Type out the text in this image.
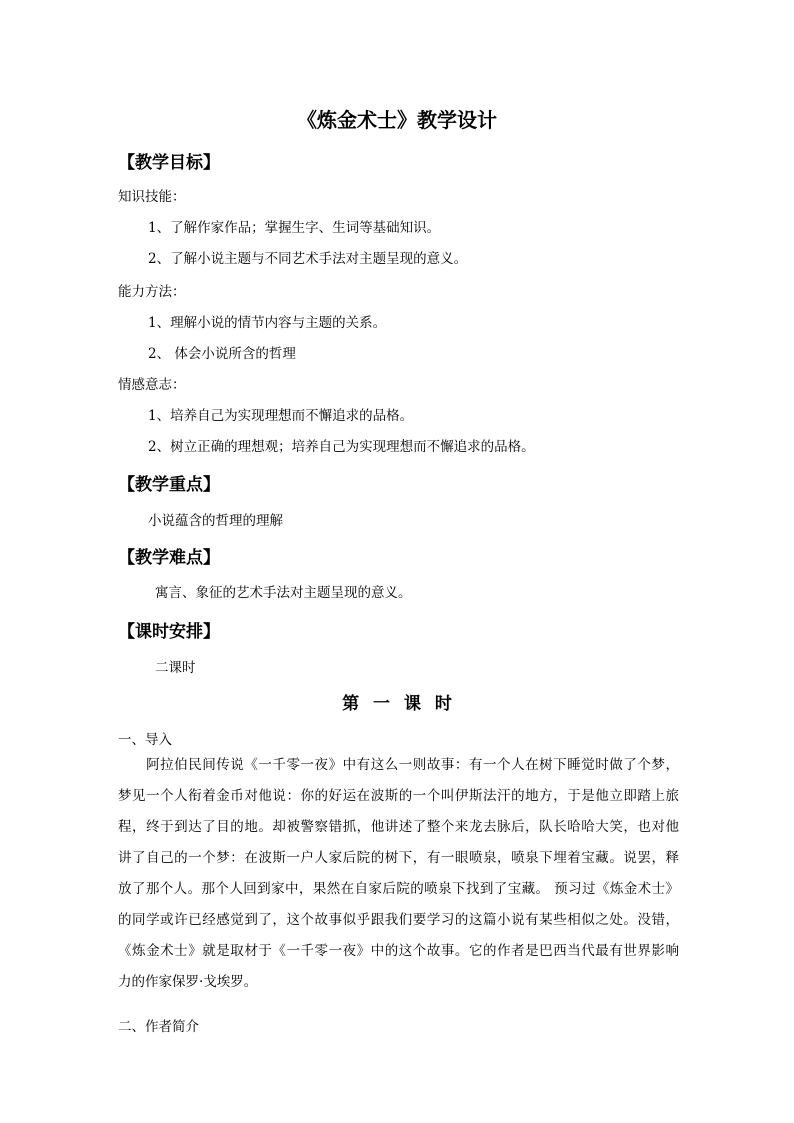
《炼金术士》教学设计
【教学目标】
知识技能：
1、了解作家作品；掌握生字、生词等基础知识。
2、了解小说主题与不同艺术手法对主题呈现的意义。
能力方法：
1、理解小说的情节内容与主题的关系。
2、 体会小说所含的哲理
情感意志：
1、培养自己为实现理想而不懈追求的品格。
2、树立正确的理想观；培养自己为实现理想而不懈追求的品格。
【教学重点】
小说蕴含的哲理的理解
【教学难点】
寓言、象征的艺术手法对主题呈现的意义。
【课时安排】
二课时
第 一 课 时
一、导入
　　阿拉伯民间传说《一千零一夜》中有这么一则故事：有一个人在树下睡觉时做了个梦，
梦见一个人衔着金币对他说：你的好运在波斯的一个叫伊斯法汗的地方，于是他立即踏上旅
程，终于到达了目的地。却被警察错抓，他讲述了整个来龙去脉后，队长哈哈大笑，也对他
讲了自己的一个梦：在波斯一户人家后院的树下，有一眼喷泉，喷泉下埋着宝藏。说罢，释
放了那个人。那个人回到家中，果然在自家后院的喷泉下找到了宝藏。 预习过《炼金术士》
的同学或许已经感觉到了，这个故事似乎跟我们要学习的这篇小说有某些相似之处。没错，
《炼金术士》就是取材于《一千零一夜》中的这个故事。它的作者是巴西当代最有世界影响
力的作家保罗·戈埃罗。
二、作者简介
